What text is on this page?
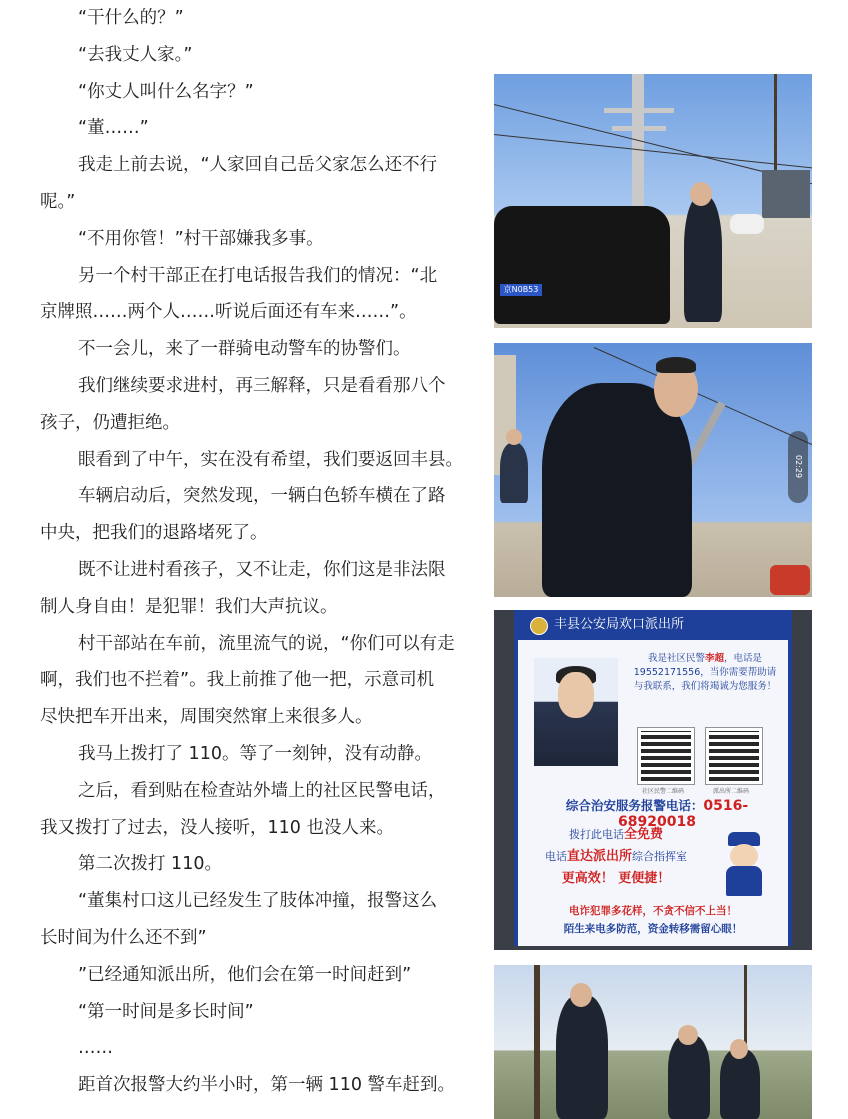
“干什么的？”
“去我丈人家。”
“你丈人叫什么名字？”
“董……”
我走上前去说，“人家回自己岳父家怎么还不行
呢。”
“不用你管！”村干部嫌我多事。
另一个村干部正在打电话报告我们的情况：“北
京牌照……两个人……听说后面还有车来……”。
不一会儿，来了一群骑电动警车的协警们。
我们继续要求进村，再三解释，只是看看那八个
孩子，仍遭拒绝。
眼看到了中午，实在没有希望，我们要返回丰县。
车辆启动后，突然发现，一辆白色轿车横在了路
中央，把我们的退路堵死了。
既不让进村看孩子，又不让走，你们这是非法限
制人身自由！是犯罪！我们大声抗议。
村干部站在车前，流里流气的说，“你们可以有走
啊，我们也不拦着”。我上前推了他一把，示意司机
尽快把车开出来，周围突然窜上来很多人。
我马上拨打了 110。等了一刻钟，没有动静。
之后，看到贴在检查站外墙上的社区民警电话，
我又拨打了过去，没人接听，110 也没人来。
第二次拨打 110。
“董集村口这儿已经发生了肢体冲撞，报警这么
长时间为什么还不到”
”已经通知派出所，他们会在第一时间赶到”
“第一时间是多长时间”
……
距首次报警大约半小时，第一辆 110 警车赶到。
京N0B53
02:29
丰县公安局欢口派出所
我是社区民警李超，电话是19552171556，当你需要帮助请与我联系，我们将竭诚为您服务！
社区民警二维码	派出所二维码
综合治安服务报警电话：0516-68920018
拨打此电话全免费
电话直达派出所综合指挥室
更高效！ 更便捷！
电诈犯罪多花样，不贪不信不上当！
陌生来电多防范，资金转移需留心眼！
